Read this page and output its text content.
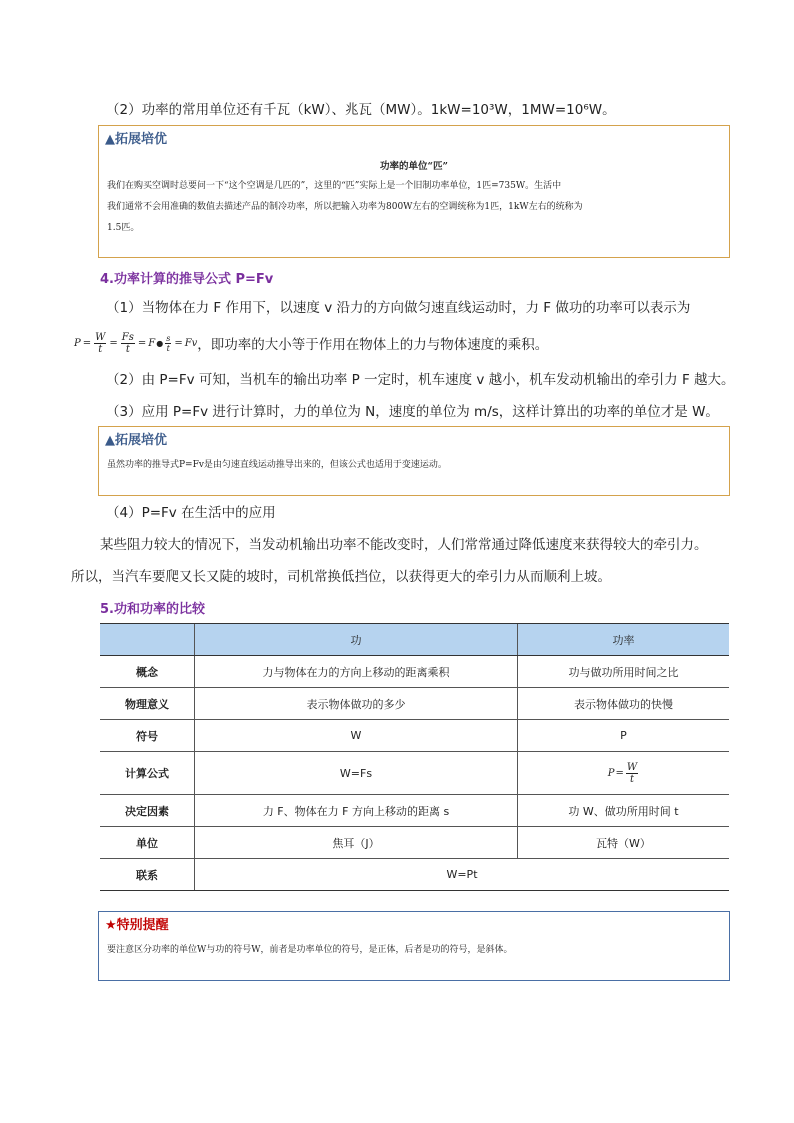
（2）功率的常用单位还有千瓦（kW）、兆瓦（MW）。1kW=10³W，1MW=10⁶W。
▲拓展培优
功率的单位“匹”
我们在购买空调时总要问一下“这个空调是几匹的”，这里的“匹”实际上是一个旧制功率单位，1匹=735W。生活中
我们通常不会用准确的数值去描述产品的制冷功率，所以把输入功率为800W左右的空调统称为1匹，1kW左右的统称为
1.5匹。
4.功率计算的推导公式 P=Fv
（1）当物体在力 F 作用下，以速度 v 沿力的方向做匀速直线运动时，力 F 做功的功率可以表示为
$P = \frac{W}{t} = \frac{Fs}{t} = F$ ● $\frac{s}{t} = Fv$ ，即功率的大小等于作用在物体上的力与物体速度的乘积。
（2）由 P=Fv 可知，当机车的输出功率 P 一定时，机车速度 v 越小，机车发动机输出的牵引力 F 越大。
（3）应用 P=Fv 进行计算时，力的单位为 N，速度的单位为 m/s，这样计算出的功率的单位才是 W。
▲拓展培优
虽然功率的推导式P=Fv是由匀速直线运动推导出来的，但该公式也适用于变速运动。
（4）P=Fv 在生活中的应用
某些阻力较大的情况下，当发动机输出功率不能改变时，人们常常通过降低速度来获得较大的牵引力。
所以，当汽车要爬又长又陡的坡时，司机常换低挡位，以获得更大的牵引力从而顺利上坡。
5.功和功率的比较
	功	功率
概念	力与物体在力的方向上移动的距离乘积	功与做功所用时间之比
物理意义	表示物体做功的多少	表示物体做功的快慢
符号	W	P
计算公式	W=Fs	$P= \frac{W}{t}$

决定因素	力 F、物体在力 F 方向上移动的距离 s	功 W、做功所用时间 t
单位	焦耳（J）	瓦特（W）
联系	W=Pt	
★特别提醒
要注意区分功率的单位W与功的符号W，前者是功率单位的符号，是正体，后者是功的符号，是斜体。
